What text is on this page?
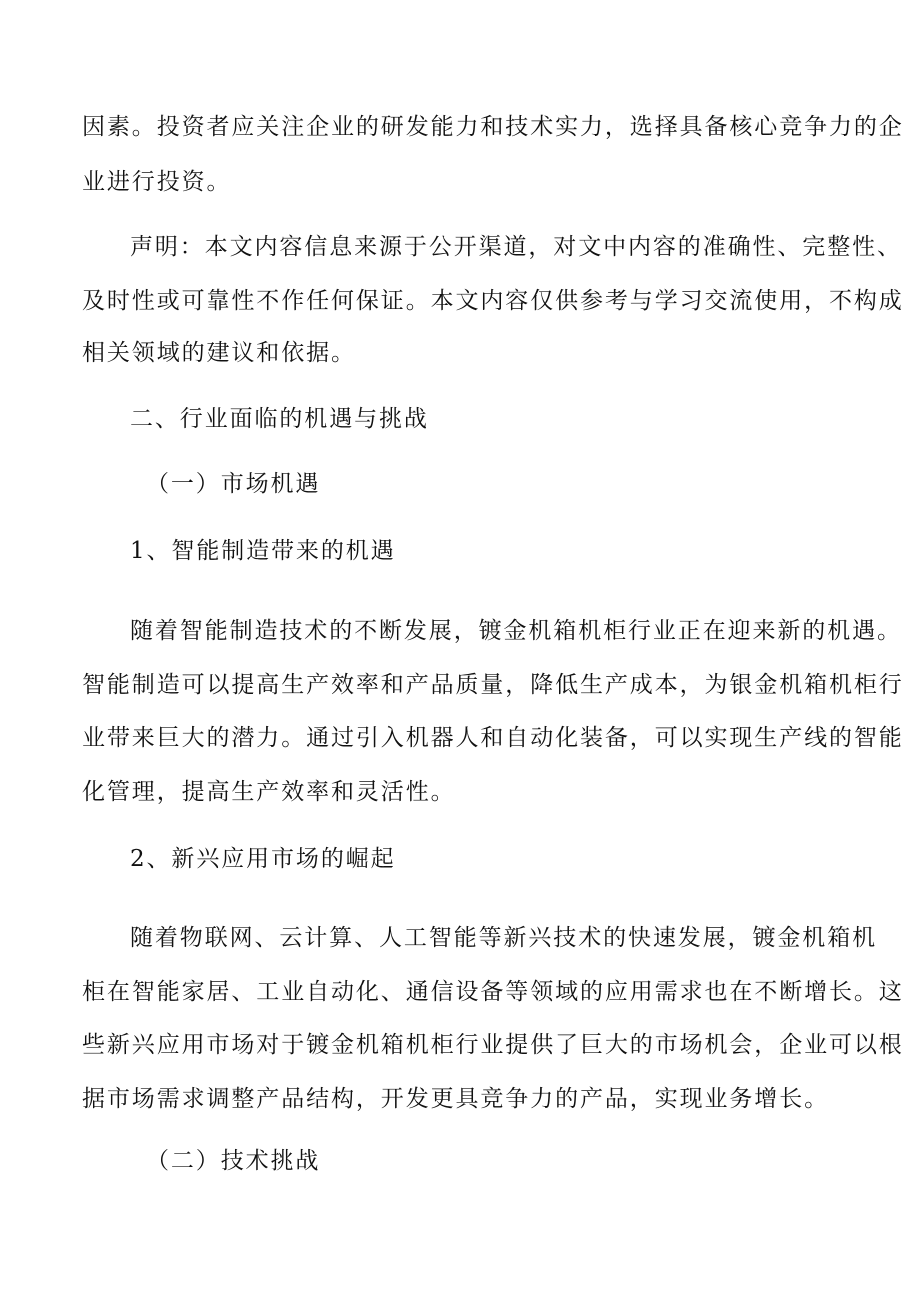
因素。投资者应关注企业的研发能力和技术实力，选择具备核心竞争力的企
业进行投资。
声明：本文内容信息来源于公开渠道，对文中内容的准确性、完整性、
及时性或可靠性不作任何保证。本文内容仅供参考与学习交流使用，不构成
相关领域的建议和依据。
二、行业面临的机遇与挑战
（一）市场机遇
1、智能制造带来的机遇
随着智能制造技术的不断发展，镀金机箱机柜行业正在迎来新的机遇。
智能制造可以提高生产效率和产品质量，降低生产成本，为银金机箱机柜行
业带来巨大的潜力。通过引入机器人和自动化装备，可以实现生产线的智能
化管理，提高生产效率和灵活性。
2、新兴应用市场的崛起
随着物联网、云计算、人工智能等新兴技术的快速发展，镀金机箱机
柜在智能家居、工业自动化、通信设备等领域的应用需求也在不断增长。这
些新兴应用市场对于镀金机箱机柜行业提供了巨大的市场机会，企业可以根
据市场需求调整产品结构，开发更具竞争力的产品，实现业务增长。
（二）技术挑战
